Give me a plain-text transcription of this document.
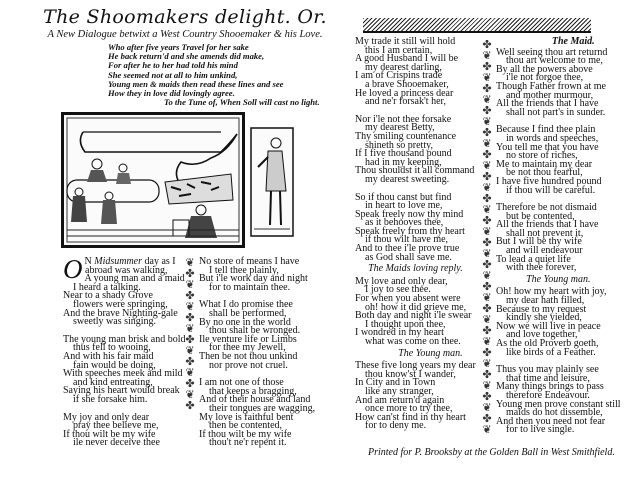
The Shoomakers delight. Or.
A New Dialogue betwixt a West Country Shooemaker & his Love.
Who after five years Travel for her sake
He back return'd and she amends did make,
For after he to her had told his mind
She seemed not at all to him unkind,
Young men & maids then read these lines and see
How they in love did lovingly agree.
To the Tune of, When Soll will cast no light.
O N Midsummer day as I
abroad was walking,
A young man and a maid
I heard a talking.
Near to a shady Grove
flowers were springing,
And the brave Nighting-gale
sweetly was singing.
The young man brisk and bold
thus fell to wooing,
And with his fair maid
fain would be doing,
With speeches meek and mild
and kind entreating,
Saying his heart would break
if she forsake him.
My joy and only dear
pray thee believe me,
If thou wilt be my wife
ile never deceive thee
❦
✤
❦
✤
❦
✤
❦
✤
❦
✤
❦
✤
❦
✤
No store of means I have
I tell thee plainly,
But i'le work day and night
for to maintain thee.
What I do promise thee
shall be performed,
By no one in the world
thou shalt be wronged.
Ile venture life or Limbs
for thee my Jewell,
Then be not thou unkind
nor prove not cruel.
I am not one of those
that keeps a bragging,
And of their house and land
their tongues are wagging,
My love is faithful bent
then be contented,
If thou wilt be my wife
thou't ne'r repent it.
My trade it still will hold
this I am certain,
A good Husband I will be
my dearest darling,
I am of Crispins trade
a brave Shooemaker,
He loved a princess dear
and ne'r forsak't her,
Nor i'le not thee forsake
my dearest Betty,
Thy smiling countenance
shineth so pretty,
If I five thousand pound
had in my keeping,
Thou shouldst it all command
my dearest sweeting.
So if thou canst but find
in heart to love me,
Speak freely now thy mind
as it behooves thee,
Speak freely from thy heart
if thou wilt have me,
And to thee i'le prove true
as God shall save me.
The Maids loving reply.
My love and only dear,
I joy to see thee.
For when you absent were
oh! how it did grieve me,
Both day and night i'le swear
I thought upon thee,
I wondred in my heart
what was come on thee.
The Young man.
These five long years my dear
thou know'st I wander,
In City and in Town
like any stranger,
And am return'd again
once more to try thee,
How can'st find in thy heart
for to deny me.
✤
❦
✤
❦
✤
❦
✤
❦
✤
❦
✤
❦
✤
❦
✤
❦
✤
❦
✤
❦
✤
❦
✤
❦
✤
❦
✤
❦
✤
❦
✤
❦
✤
❦
✤
❦
The Maid.
Well seeing thou art returnd
thou art welcome to me,
By all the powers above
i'le not forgoe thee,
Though Father frown at me
and mother murmour,
All the friends that I have
shall not part's in sunder.
Because I find thee plain
in words and speeches,
You tell me that you have
no store of riches,
Me to maintain my dear
be not thou fearful,
I have five hundred pound
if thou will be careful.
Therefore be not dismaid
but be contented,
All the friends that I have
shall not prevent it,
But I will be thy wife
and will endeavour
To lead a quiet life
with thee forever,
The Young man.
Oh! how my heart with joy,
my dear hath filled,
Because to my request
kindly she yielded,
Now we will live in peace
and love together,
As the old Proverb goeth,
like birds of a Feather.
Thus you may plainly see
that time and leisure,
Many things brings to pass
therefore Endeavour.
Young men prove constant still
maids do not dissemble,
And then you need not fear
for to live single.
Printed for P. Brooksby at the Golden Ball in West Smithfield.
